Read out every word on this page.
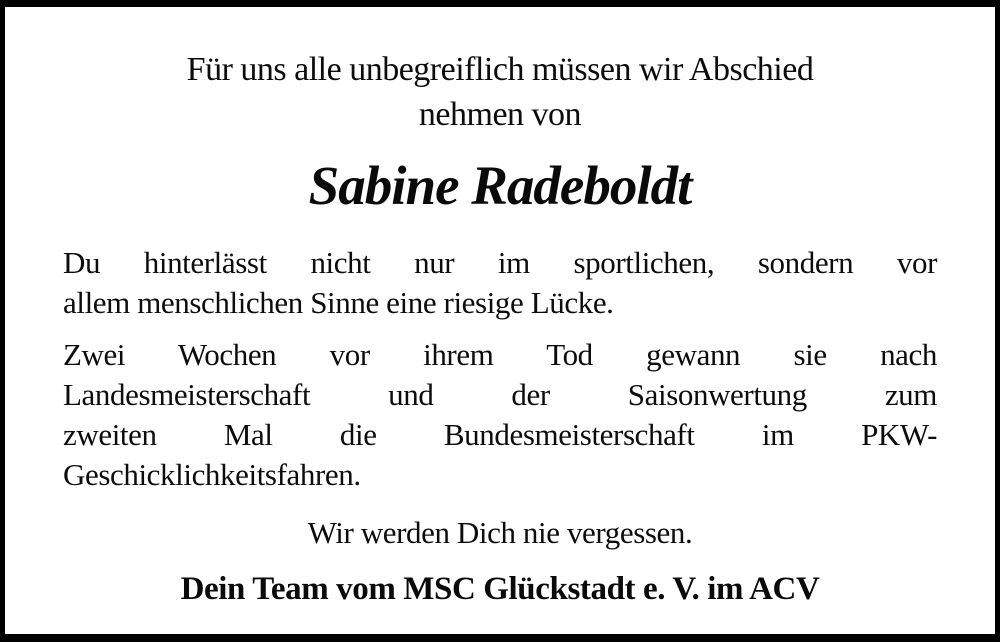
Für uns alle unbegreiflich müssen wir Abschied
nehmen von
Sabine Radeboldt
Du hinterlässt nicht nur im sportlichen, sondern vor
allem menschlichen Sinne eine riesige Lücke.
Zwei Wochen vor ihrem Tod gewann sie nach
Landesmeisterschaft und der Saisonwertung zum
zweiten Mal die Bundesmeisterschaft im PKW-
Geschicklichkeitsfahren.
Wir werden Dich nie vergessen.
Dein Team vom MSC Glückstadt e. V. im ACV
